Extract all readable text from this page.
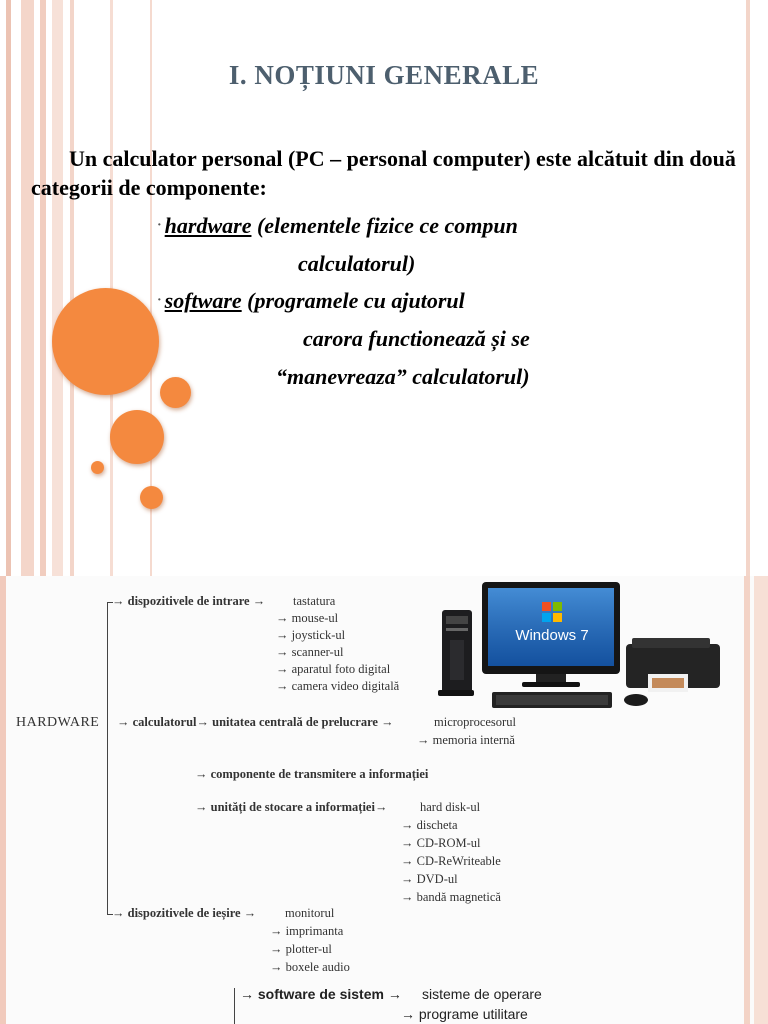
I. NOȚIUNI GENERALE
Un calculator personal (PC – personal computer) este alcătuit din două categorii de componente:
· hardware (elementele fizice ce compun
calculatorul)
· software (programele cu ajutorul
carora functionează și se
“manevreaza” calculatorul)
→ dispozitivele de intrare → tastatura
→ mouse-ul
→ joystick-ul
→ scanner-ul
→ aparatul foto digital
→ camera video digitală
HARDWARE → calculatorul→ unitatea centrală de prelucrare →	microprocesorul
→ memoria internă
→ componente de transmitere a informației
→ unități de stocare a informației→	hard disk-ul
→ discheta
→ CD-ROM-ul
→ CD-ReWriteable
→ DVD-ul
→ bandă magnetică
→ dispozitivele de ieșire → monitorul
→ imprimanta
→ plotter-ul
→ boxele audio
→ software de sistem → sisteme de operare
→ programe utilitare
Windows 7
